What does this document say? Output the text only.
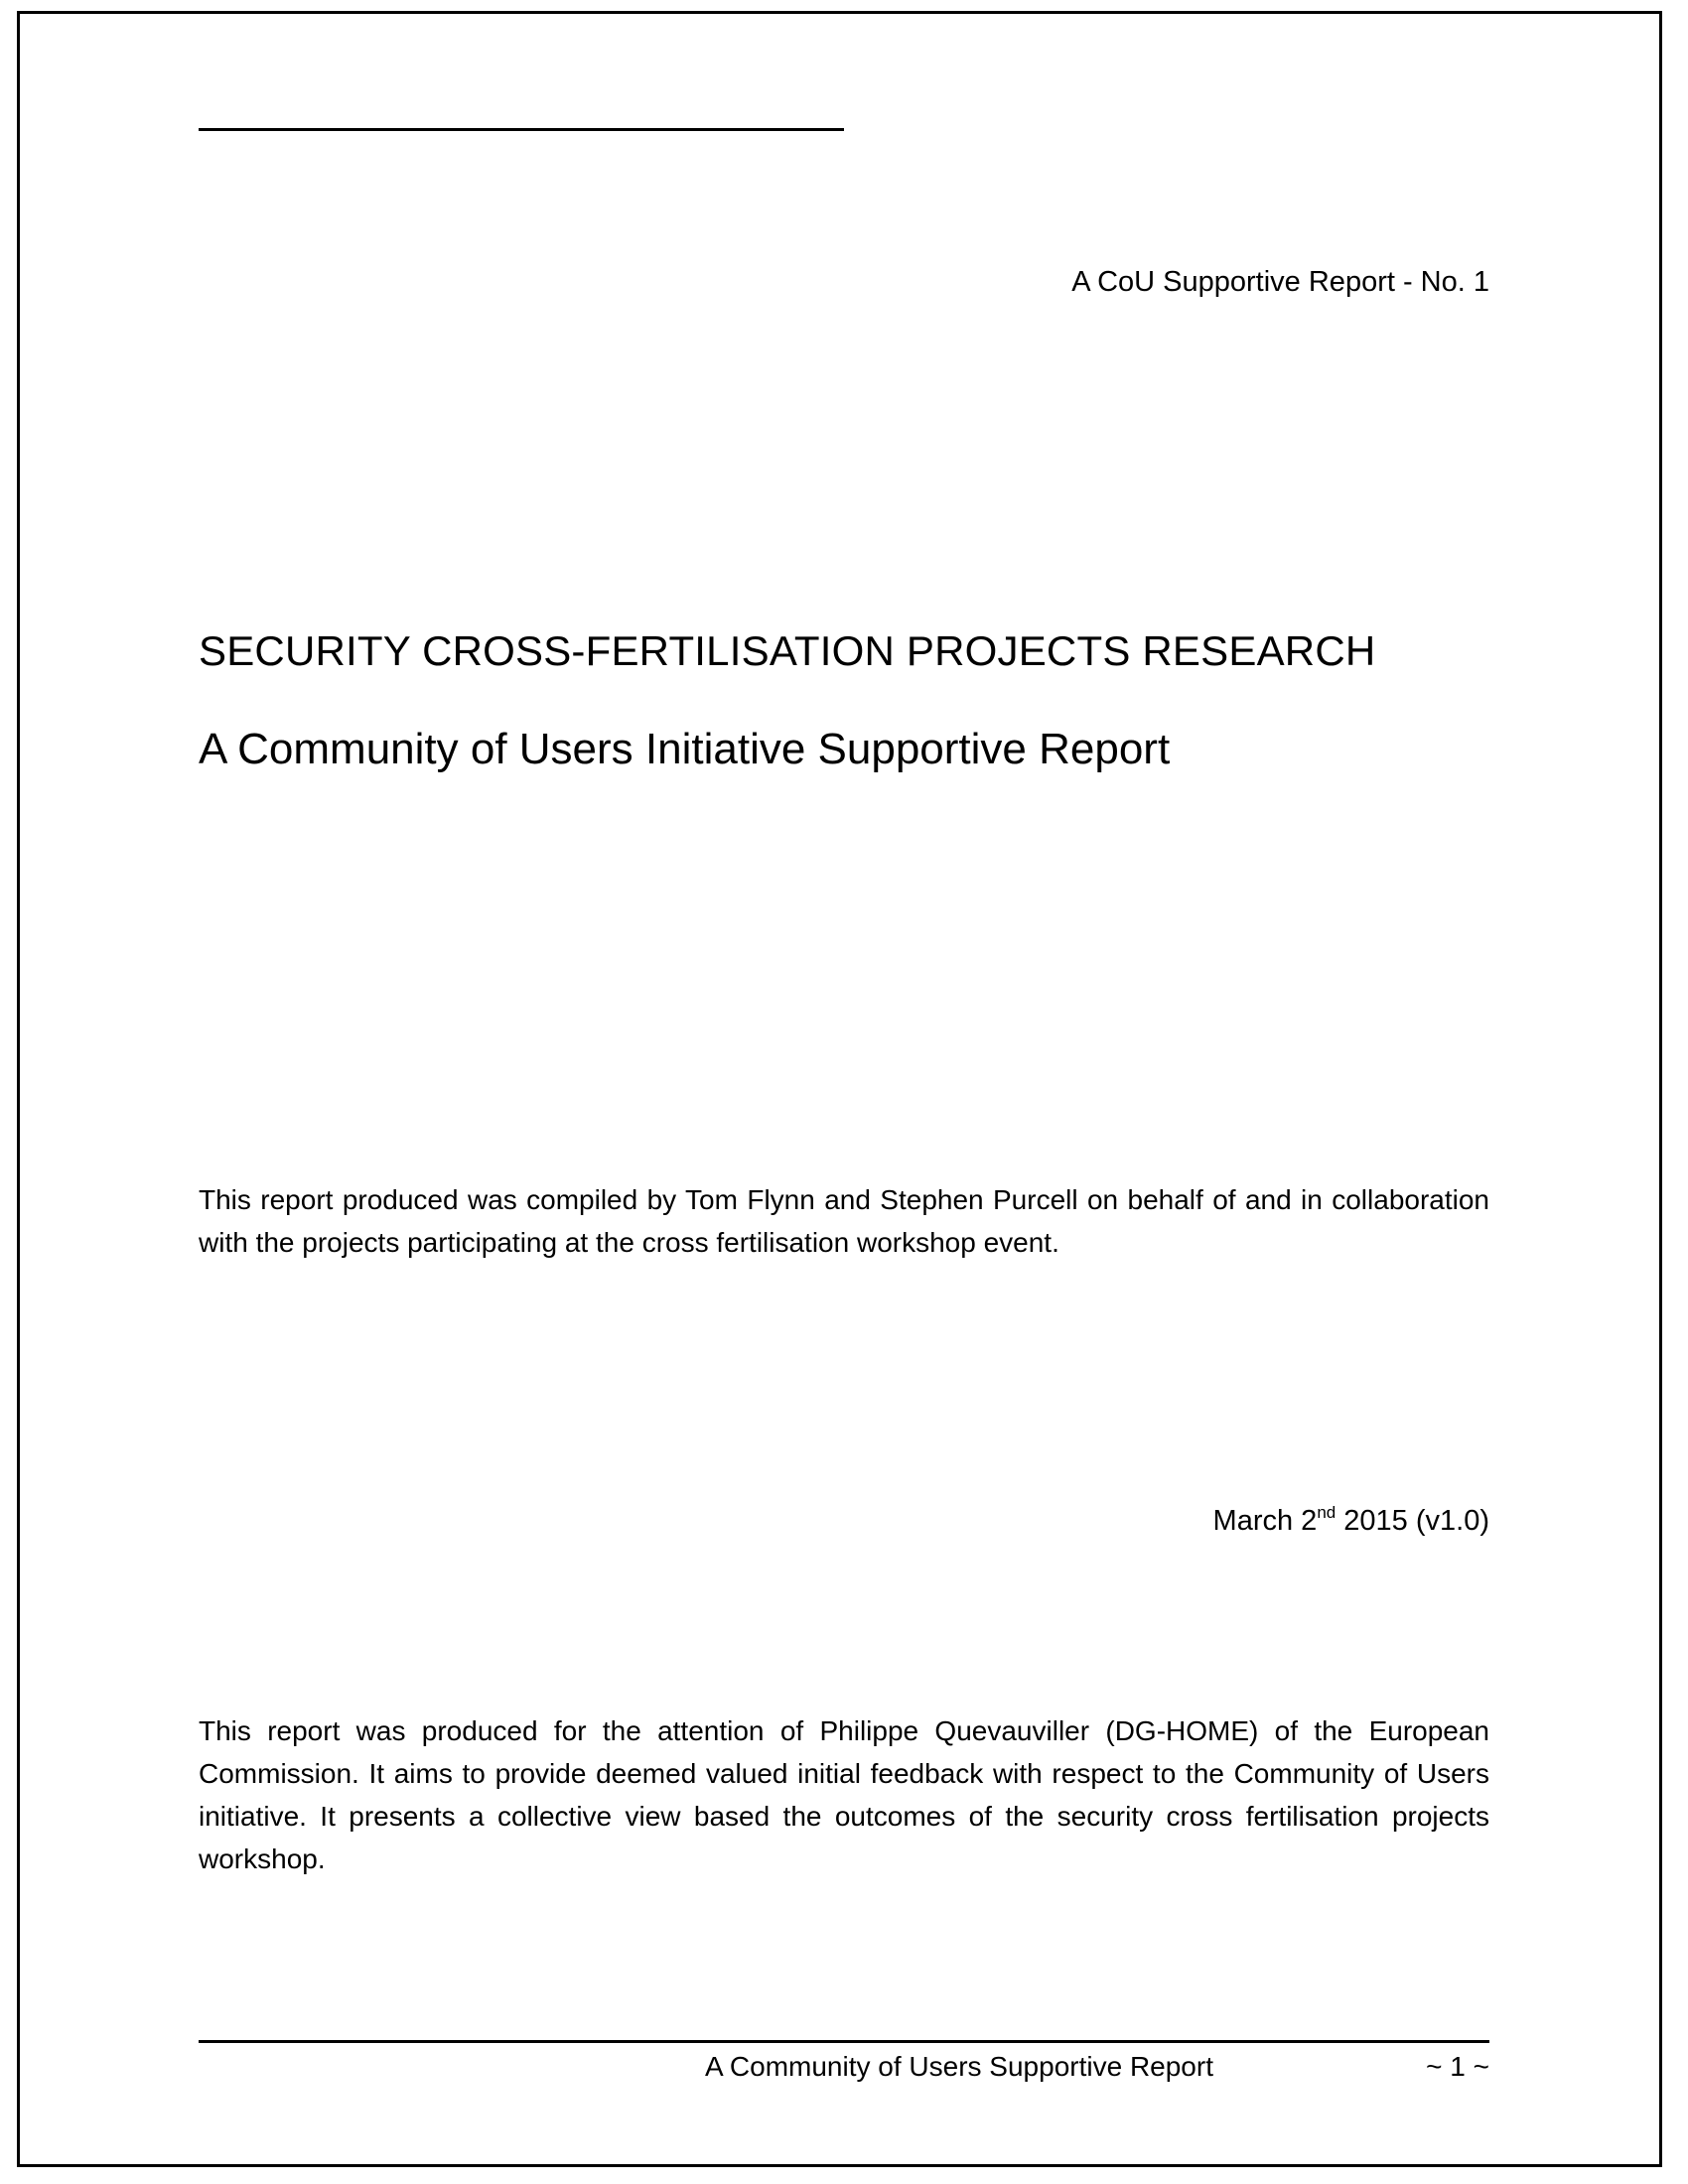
A CoU Supportive Report - No. 1
SECURITY CROSS-FERTILISATION PROJECTS RESEARCH
A Community of Users Initiative Supportive Report
This report produced was compiled by Tom Flynn and Stephen Purcell on behalf of and in collaboration with the projects participating at the cross fertilisation workshop event.
March 2nd 2015 (v1.0)
This report was produced for the attention of Philippe Quevauviller (DG-HOME) of the European Commission. It aims to provide deemed valued initial feedback with respect to the Community of Users initiative. It presents a collective view based the outcomes of the security cross fertilisation projects workshop.
A Community of Users Supportive Report	~ 1 ~
